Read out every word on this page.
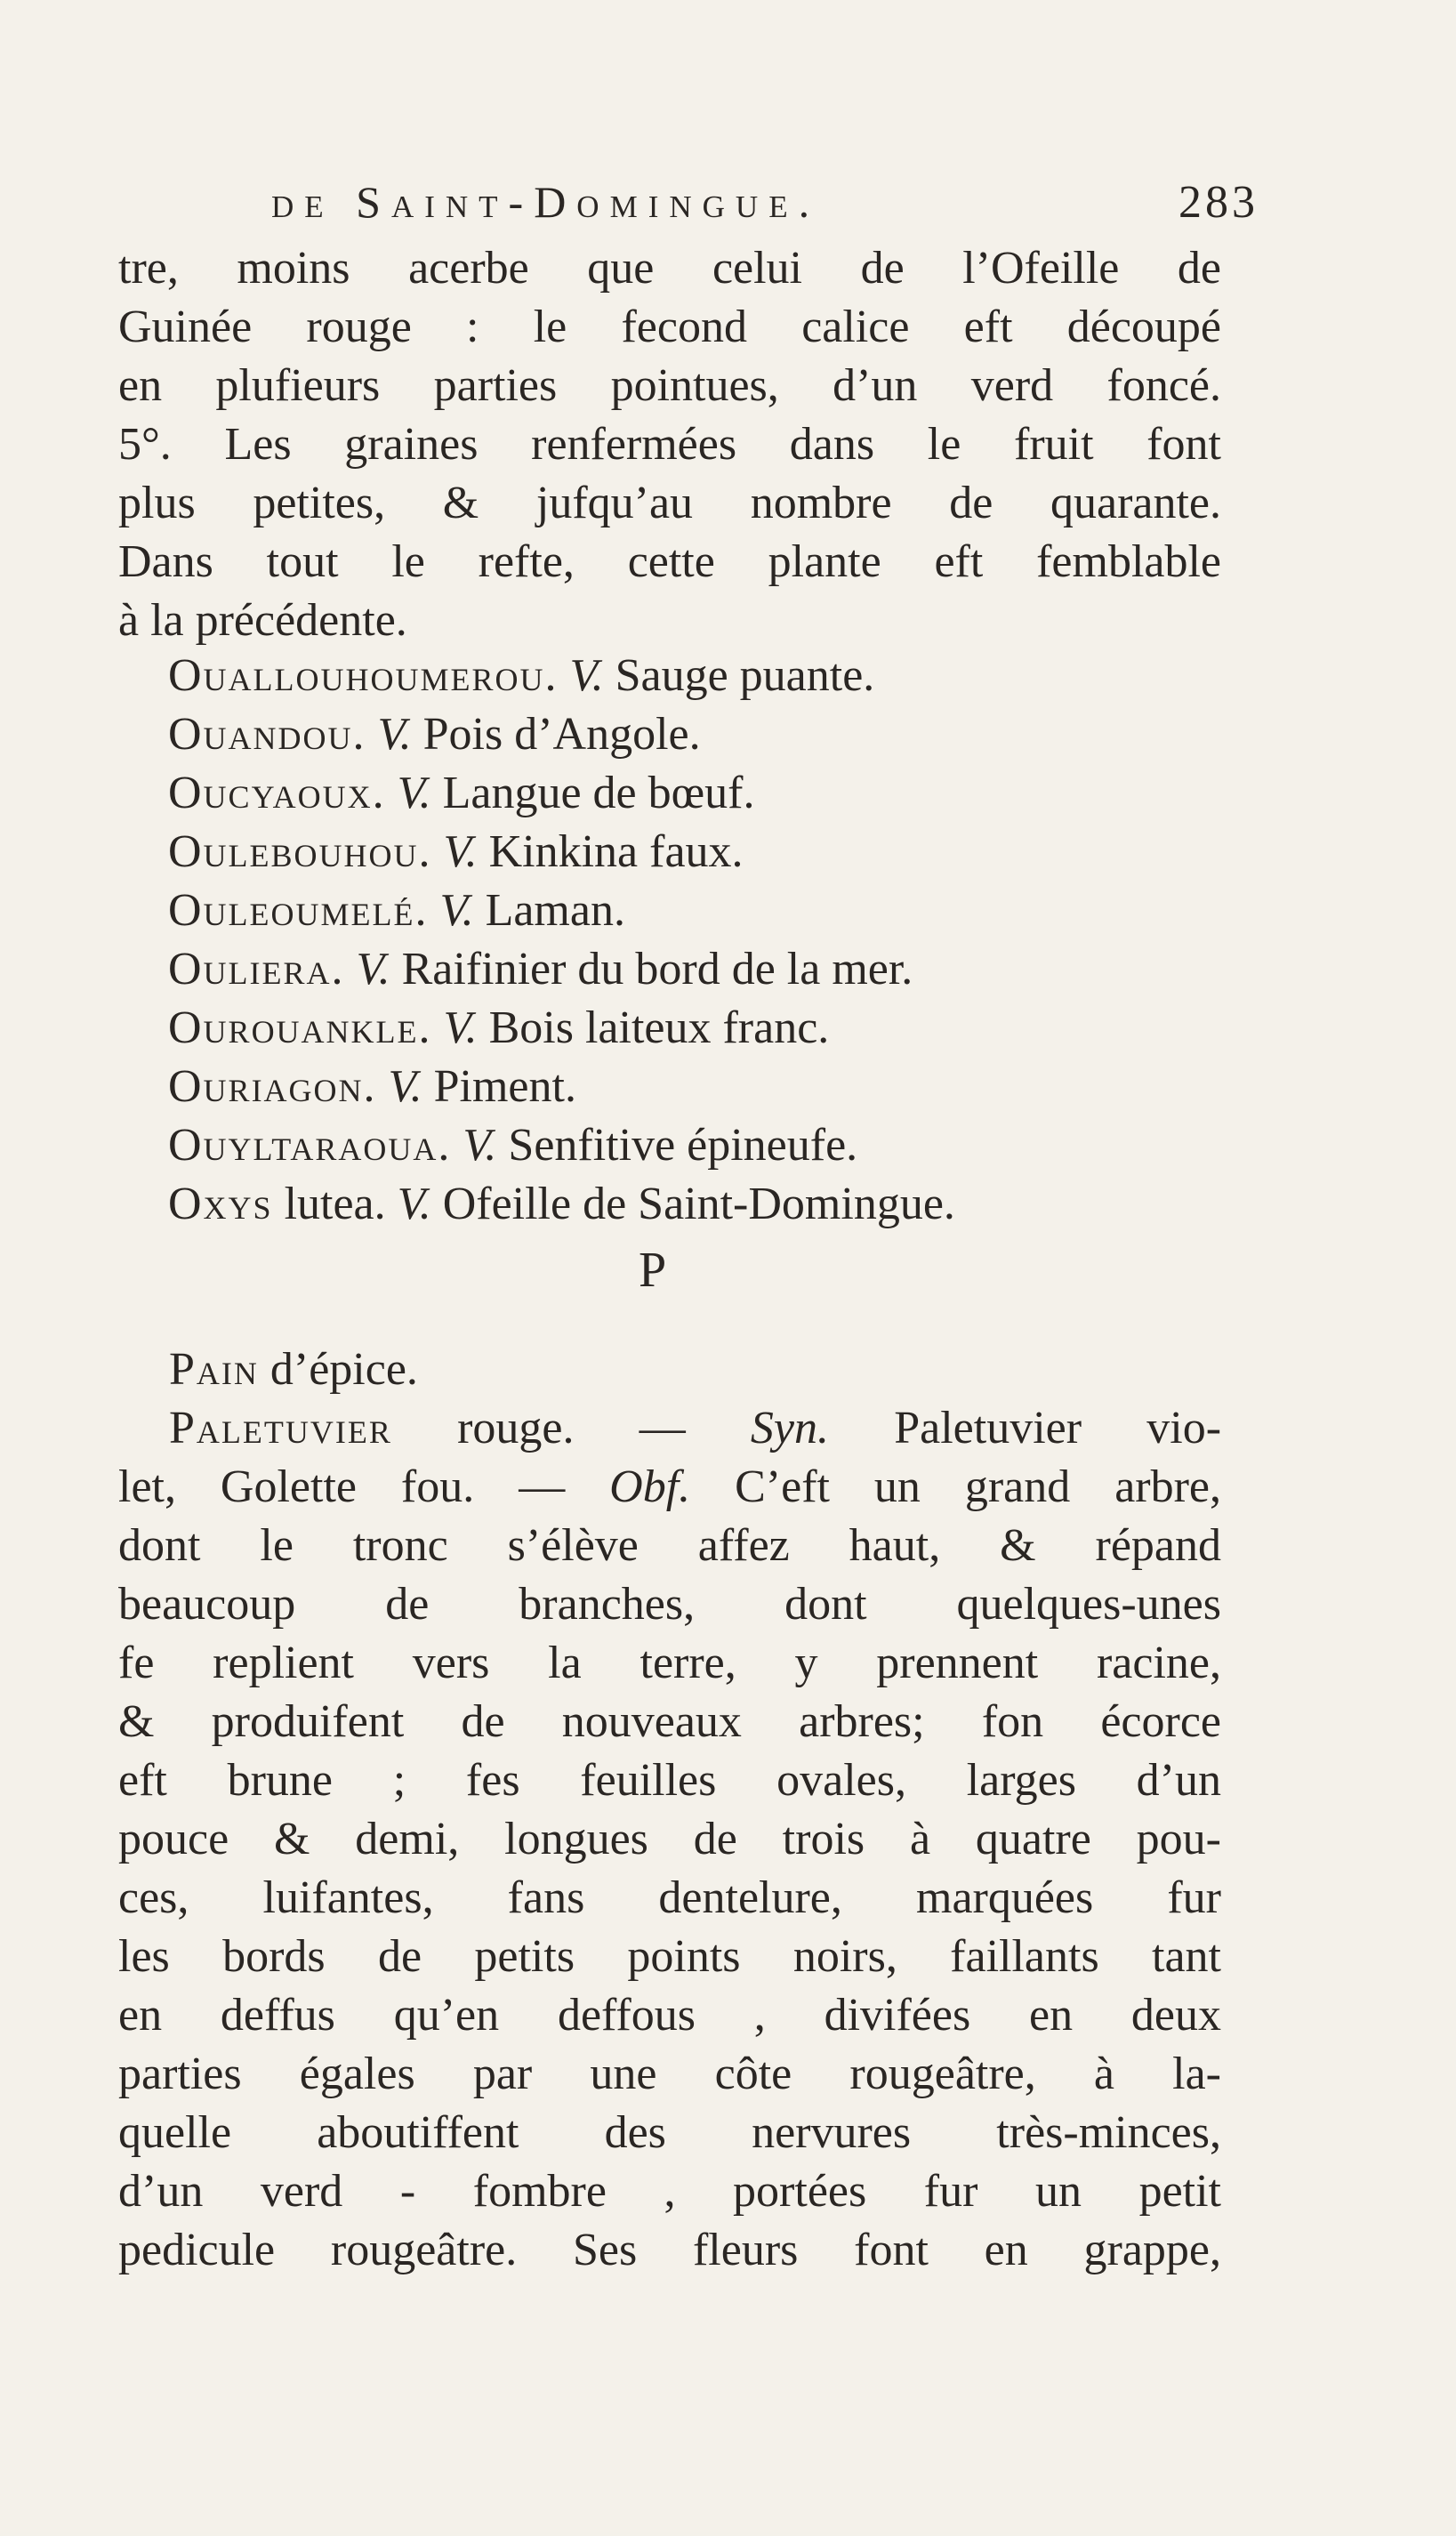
de Saint-Domingue.	283
tre, moins acerbe que celui de l’Ofeille de
Guinée rouge : le fecond calice eft découpé
en plufieurs parties pointues, d’un verd foncé.
5°. Les graines renfermées dans le fruit font
plus petites, & jufqu’au nombre de quarante.
Dans tout le refte, cette plante eft femblable
à la précédente.
Ouallouhoumerou. V. Sauge puante.
Ouandou. V. Pois d’Angole.
Oucyaoux. V. Langue de bœuf.
Oulebouhou. V. Kinkina faux.
Ouleoumelé. V. Laman.
Ouliera. V. Raifinier du bord de la mer.
Ourouankle. V. Bois laiteux franc.
Ouriagon. V. Piment.
Ouyltaraoua. V. Senfitive épineufe.
Oxys lutea. V. Ofeille de Saint-Domingue.
P
Pain d’épice.
Paletuvier rouge. — Syn. Paletuvier vio-
let, Golette fou. — Obf. C’eft un grand arbre,
dont le tronc s’élève affez haut, & répand
beaucoup de branches, dont quelques-unes
fe replient vers la terre, y prennent racine,
& produifent de nouveaux arbres; fon écorce
eft brune ; fes feuilles ovales, larges d’un
pouce & demi, longues de trois à quatre pou-
ces, luifantes, fans dentelure, marquées fur
les bords de petits points noirs, faillants tant
en deffus qu’en deffous , divifées en deux
parties égales par une côte rougeâtre, à la-
quelle aboutiffent des nervures très-minces,
d’un verd - fombre , portées fur un petit
pedicule rougeâtre. Ses fleurs font en grappe,
